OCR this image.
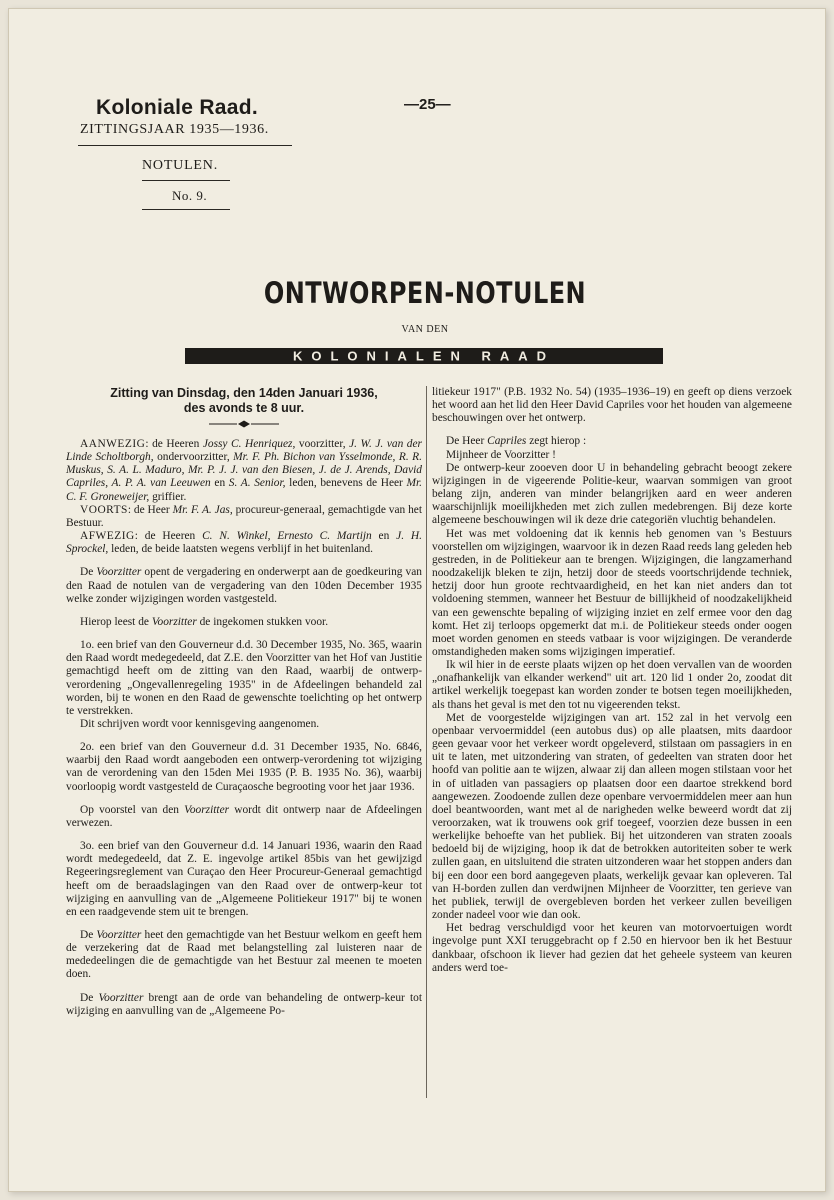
Koloniale Raad.
ZITTINGSJAAR 1935—1936.
NOTULEN.
No. 9.
—25—
ONTWORPEN-NOTULEN
VAN DEN
KOLONIALEN RAAD
Zitting van Dinsdag, den 14den Januari 1936,
des avonds te 8 uur.

AANWEZIG: de Heeren Jossy C. Henriquez, voorzitter, J. W. J. van der Linde Scholtborgh, ondervoorzitter, Mr. F. Ph. Bichon van Ysselmonde, R. R. Muskus, S. A. L. Maduro, Mr. P. J. J. van den Biesen, J. de J. Arends, David Capriles, A. P. A. van Leeuwen en S. A. Senior, leden, benevens de Heer Mr. C. F. Groneweijer, griffier.

VOORTS: de Heer Mr. F. A. Jas, procureur-generaal, gemachtigde van het Bestuur.

AFWEZIG: de Heeren C. N. Winkel, Ernesto C. Martijn en J. H. Sprockel, leden, de beide laatsten wegens verblijf in het buitenland.

De Voorzitter opent de vergadering en onderwerpt aan de goedkeuring van den Raad de notulen van de vergadering van den 10den December 1935 welke zonder wijzigingen worden vastgesteld.

Hierop leest de Voorzitter de ingekomen stukken voor.

1o. een brief van den Gouverneur d.d. 30 December 1935, No. 365, waarin den Raad wordt medegedeeld, dat Z.E. den Voorzitter van het Hof van Justitie gemachtigd heeft om de zitting van den Raad, waarbij de ontwerp-verordening „Ongevallenregeling 1935" in de Afdeelingen behandeld zal worden, bij te wonen en den Raad de gewenschte toelichting op het ontwerp te verstrekken.

Dit schrijven wordt voor kennisgeving aangenomen.

2o. een brief van den Gouverneur d.d. 31 December 1935, No. 6846, waarbij den Raad wordt aangeboden een ontwerp-verordening tot wijziging van de verordening van den 15den Mei 1935 (P. B. 1935 No. 36), waarbij voorloopig wordt vastgesteld de Curaçaosche begrooting voor het jaar 1936.

Op voorstel van den Voorzitter wordt dit ontwerp naar de Afdeelingen verwezen.

3o. een brief van den Gouverneur d.d. 14 Januari 1936, waarin den Raad wordt medegedeeld, dat Z. E. ingevolge artikel 85bis van het gewijzigd Regeeringsreglement van Curaçao den Heer Procureur-Generaal gemachtigd heeft om de beraadslagingen van den Raad over de ontwerp-keur tot wijziging en aanvulling van de „Algemeene Politiekeur 1917" bij te wonen en een raadgevende stem uit te brengen.

De Voorzitter heet den gemachtigde van het Bestuur welkom en geeft hem de verzekering dat de Raad met belangstelling zal luisteren naar de mededeelingen die de gemachtigde van het Bestuur zal meenen te moeten doen.

De Voorzitter brengt aan de orde van behandeling de ontwerp-keur tot wijziging en aanvulling van de „Algemeene Po-

litiekeur 1917" (P.B. 1932 No. 54) (1935–1936–19) en geeft op diens verzoek het woord aan het lid den Heer David Capriles voor het houden van algemeene beschouwingen over het ontwerp.

De Heer Capriles zegt hierop :

Mijnheer de Voorzitter !

De ontwerp-keur zooeven door U in behandeling gebracht beoogt zekere wijzigingen in de vigeerende Politie-keur, waarvan sommigen van groot belang zijn, anderen van minder belangrijken aard en weer anderen waarschijnlijk moeilijkheden met zich zullen medebrengen. Bij deze korte algemeene beschouwingen wil ik deze drie categoriën vluchtig behandelen.

Het was met voldoening dat ik kennis heb genomen van 's Bestuurs voorstellen om wijzigingen, waarvoor ik in dezen Raad reeds lang geleden heb gestreden, in de Politiekeur aan te brengen. Wijzigingen, die langzamerhand noodzakelijk bleken te zijn, hetzij door de steeds voortschrijdende techniek, hetzij door hun groote rechtvaardigheid, en het kan niet anders dan tot voldoening stemmen, wanneer het Bestuur de billijkheid of noodzakelijkheid van een gewenschte bepaling of wijziging inziet en zelf ermee voor den dag komt. Het zij terloops opgemerkt dat m.i. de Politiekeur steeds onder oogen moet worden genomen en steeds vatbaar is voor wijzigingen. De veranderde omstandigheden maken soms wijzigingen imperatief.

Ik wil hier in de eerste plaats wijzen op het doen vervallen van de woorden „onafhankelijk van elkander werkend" uit art. 120 lid 1 onder 2o, zoodat dit artikel werkelijk toegepast kan worden zonder te botsen tegen moeilijkheden, als thans het geval is met den tot nu vigeerenden tekst.

Met de voorgestelde wijzigingen van art. 152 zal in het vervolg een openbaar vervoermiddel (een autobus dus) op alle plaatsen, mits daardoor geen gevaar voor het verkeer wordt opgeleverd, stilstaan om passagiers in en uit te laten, met uitzondering van straten, of gedeelten van straten door het hoofd van politie aan te wijzen, alwaar zij dan alleen mogen stilstaan voor het in of uitladen van passagiers op plaatsen door een daartoe strekkend bord aangewezen. Zoodoende zullen deze openbare vervoermiddelen meer aan hun doel beantwoorden, want met al de narigheden welke beweerd wordt dat zij veroorzaken, wat ik trouwens ook grif toegeef, voorzien deze bussen in een werkelijke behoefte van het publiek. Bij het uitzonderen van straten zooals bedoeld bij de wijziging, hoop ik dat de betrokken autoriteiten sober te werk zullen gaan, en uitsluitend die straten uitzonderen waar het stoppen anders dan bij een door een bord aangegeven plaats, werkelijk gevaar kan opleveren. Tal van H-borden zullen dan verdwijnen Mijnheer de Voorzitter, ten gerieve van het publiek, terwijl de overgebleven borden het verkeer zullen beveiligen zonder nadeel voor wie dan ook.

Het bedrag verschuldigd voor het keuren van motorvoertuigen wordt ingevolge punt XXI teruggebracht op f 2.50 en hiervoor ben ik het Bestuur dankbaar, ofschoon ik liever had gezien dat het geheele systeem van keuren anders werd toe-
